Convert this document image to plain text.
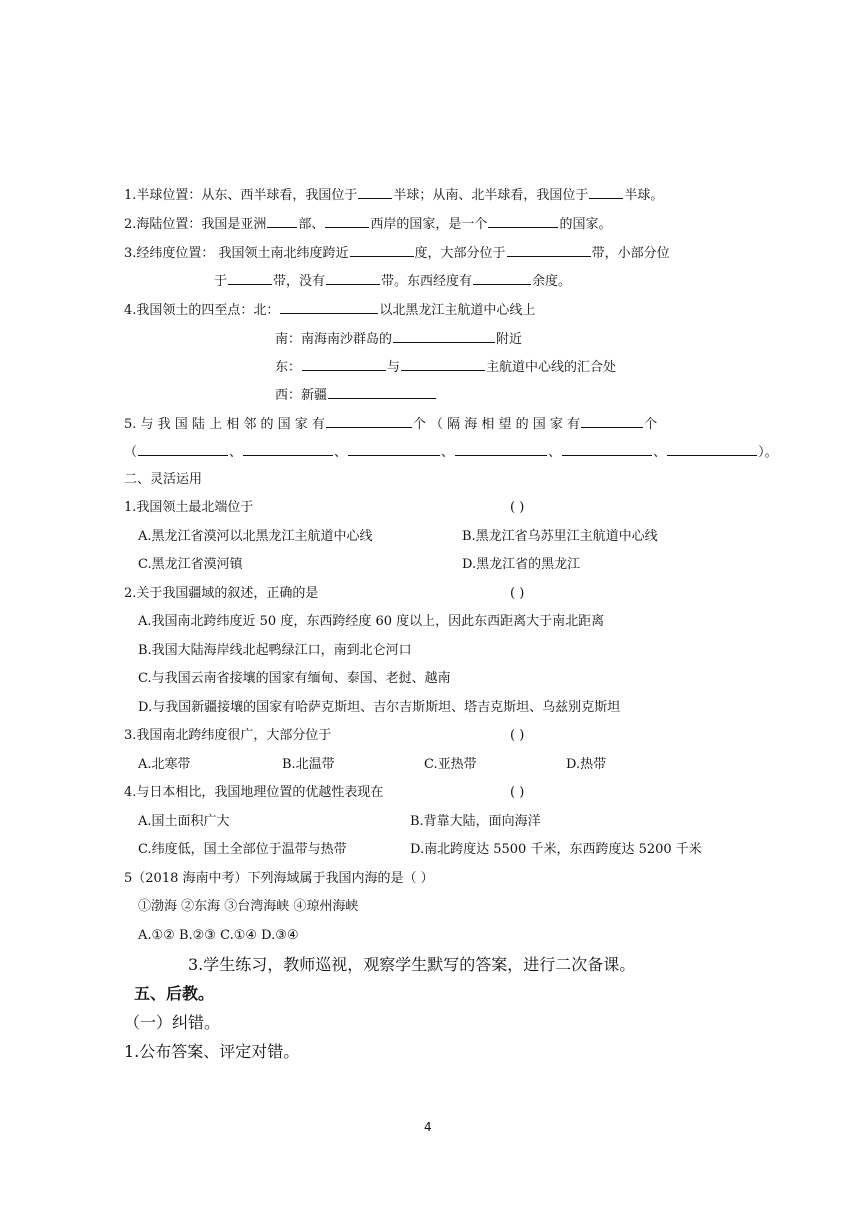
1.半球位置：从东、西半球看，我国位于	半球；从南、北半球看，我国位于	半球。
2.海陆位置：我国是亚洲 部、	西岸的国家，是一个	的国家。
3.经纬度位置： 我国领土南北纬度跨近	度，大部分位于	带，小部分位
于	带，没有	带。东西经度有	余度。
4.我国领土的四至点：北：	以北黑龙江主航道中心线上
南：南海南沙群岛的	附近
东：	与	主航道中心线的汇合处
西：新疆
5. 与 我 国 陆 上 相 邻 的 国 家 有	个 （ 隔 海 相 望 的 国 家 有	个
（	、	、	、	、	、	）。
二、灵活运用
1.我国领土最北端位于	( )
A.黑龙江省漠河以北黑龙江主航道中心线	B.黑龙江省乌苏里江主航道中心线
C.黑龙江省漠河镇	D.黑龙江省的黑龙江
2.关于我国疆域的叙述，正确的是	( )
A.我国南北跨纬度近 50 度，东西跨经度 60 度以上，因此东西距离大于南北距离
B.我国大陆海岸线北起鸭绿江口，南到北仑河口
C.与我国云南省接壤的国家有缅甸、泰国、老挝、越南
D.与我国新疆接壤的国家有哈萨克斯坦、吉尔吉斯斯坦、塔吉克斯坦、乌兹别克斯坦
3.我国南北跨纬度很广，大部分位于	( )
A.北寒带	B.北温带	C.亚热带	D.热带
4.与日本相比，我国地理位置的优越性表现在	( )
A.国土面积广大	B.背靠大陆，面向海洋
C.纬度低，国土全部位于温带与热带	D.南北跨度达 5500 千米，东西跨度达 5200 千米
5（2018 海南中考）下列海域属于我国内海的是（ ）
①渤海 ②东海 ③台湾海峡 ④琼州海峡
A.①② B.②③ C.①④ D.③④
3.学生练习，教师巡视，观察学生默写的答案，进行二次备课。
五、后教。
（一）纠错。
1.公布答案、评定对错。
4
